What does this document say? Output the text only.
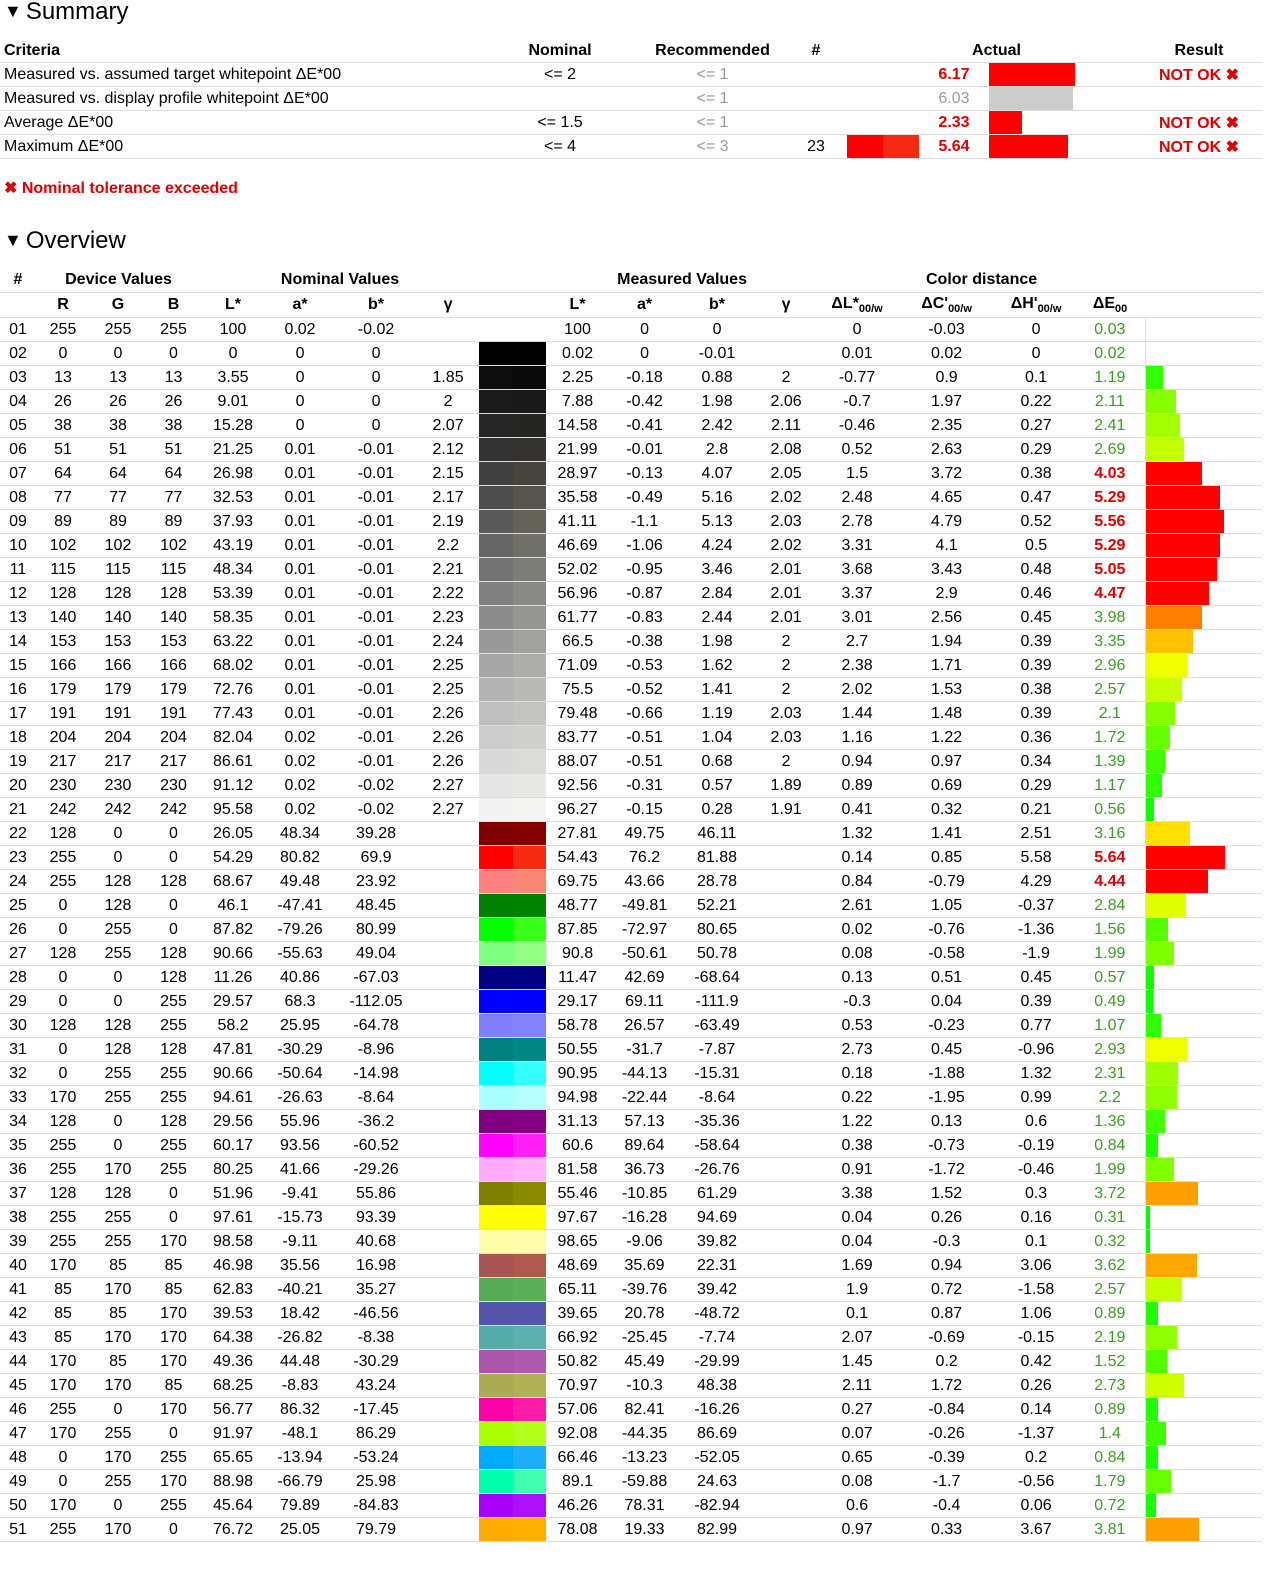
▼ Summary
Criteria	Nominal	Recommended	#		Actual			Result
Measured vs. assumed target whitepoint ΔE*00	<= 2	<= 1			6.17			NOT OK ✖
Measured vs. display profile whitepoint ΔE*00		<= 1			6.03		

Average ΔE*00	<= 1.5	<= 1			2.33			NOT OK ✖
Maximum ΔE*00	<= 4	<= 3	23		5.64			NOT OK ✖
✖ Nominal tolerance exceeded
▼ Overview
#	Device Values			Nominal Values					Measured Values				Color distance				
	R	G	B	L*	a*	b*	γ		L*	a*	b*	γ	$\Delta L*_{00/w}$	$\Delta C'_{00/w}$	$\Delta H'_{00/w}$	$\Delta E_{00}$	
01	255	255	255	100	0.02	-0.02			100	0	0		0	-0.03	0	0.03	
02	0	0	0	0	0	0			0.02	0	-0.01		0.01	0.02	0	0.02	
03	13	13	13	3.55	0	0	1.85		2.25	-0.18	0.88	2	-0.77	0.9	0.1	1.19	

04	26	26	26	9.01	0	0	2		7.88	-0.42	1.98	2.06	-0.7	1.97	0.22	2.11	

05	38	38	38	15.28	0	0	2.07		14.58	-0.41	2.42	2.11	-0.46	2.35	0.27	2.41	

06	51	51	51	21.25	0.01	-0.01	2.12		21.99	-0.01	2.8	2.08	0.52	2.63	0.29	2.69	

07	64	64	64	26.98	0.01	-0.01	2.15		28.97	-0.13	4.07	2.05	1.5	3.72	0.38	4.03	

08	77	77	77	32.53	0.01	-0.01	2.17		35.58	-0.49	5.16	2.02	2.48	4.65	0.47	5.29	

09	89	89	89	37.93	0.01	-0.01	2.19		41.11	-1.1	5.13	2.03	2.78	4.79	0.52	5.56	

10	102	102	102	43.19	0.01	-0.01	2.2		46.69	-1.06	4.24	2.02	3.31	4.1	0.5	5.29	

11	115	115	115	48.34	0.01	-0.01	2.21		52.02	-0.95	3.46	2.01	3.68	3.43	0.48	5.05	

12	128	128	128	53.39	0.01	-0.01	2.22		56.96	-0.87	2.84	2.01	3.37	2.9	0.46	4.47	

13	140	140	140	58.35	0.01	-0.01	2.23		61.77	-0.83	2.44	2.01	3.01	2.56	0.45	3.98	

14	153	153	153	63.22	0.01	-0.01	2.24		66.5	-0.38	1.98	2	2.7	1.94	0.39	3.35	

15	166	166	166	68.02	0.01	-0.01	2.25		71.09	-0.53	1.62	2	2.38	1.71	0.39	2.96	

16	179	179	179	72.76	0.01	-0.01	2.25		75.5	-0.52	1.41	2	2.02	1.53	0.38	2.57	

17	191	191	191	77.43	0.01	-0.01	2.26		79.48	-0.66	1.19	2.03	1.44	1.48	0.39	2.1	

18	204	204	204	82.04	0.02	-0.01	2.26		83.77	-0.51	1.04	2.03	1.16	1.22	0.36	1.72	

19	217	217	217	86.61	0.02	-0.01	2.26		88.07	-0.51	0.68	2	0.94	0.97	0.34	1.39	

20	230	230	230	91.12	0.02	-0.02	2.27		92.56	-0.31	0.57	1.89	0.89	0.69	0.29	1.17	

21	242	242	242	95.58	0.02	-0.02	2.27		96.27	-0.15	0.28	1.91	0.41	0.32	0.21	0.56	

22	128	0	0	26.05	48.34	39.28			27.81	49.75	46.11		1.32	1.41	2.51	3.16	

23	255	0	0	54.29	80.82	69.9			54.43	76.2	81.88		0.14	0.85	5.58	5.64	

24	255	128	128	68.67	49.48	23.92			69.75	43.66	28.78		0.84	-0.79	4.29	4.44	

25	0	128	0	46.1	-47.41	48.45			48.77	-49.81	52.21		2.61	1.05	-0.37	2.84	

26	0	255	0	87.82	-79.26	80.99			87.85	-72.97	80.65		0.02	-0.76	-1.36	1.56	

27	128	255	128	90.66	-55.63	49.04			90.8	-50.61	50.78		0.08	-0.58	-1.9	1.99	

28	0	0	128	11.26	40.86	-67.03			11.47	42.69	-68.64		0.13	0.51	0.45	0.57	

29	0	0	255	29.57	68.3	-112.05			29.17	69.11	-111.9		-0.3	0.04	0.39	0.49	

30	128	128	255	58.2	25.95	-64.78			58.78	26.57	-63.49		0.53	-0.23	0.77	1.07	

31	0	128	128	47.81	-30.29	-8.96			50.55	-31.7	-7.87		2.73	0.45	-0.96	2.93	

32	0	255	255	90.66	-50.64	-14.98			90.95	-44.13	-15.31		0.18	-1.88	1.32	2.31	

33	170	255	255	94.61	-26.63	-8.64			94.98	-22.44	-8.64		0.22	-1.95	0.99	2.2	

34	128	0	128	29.56	55.96	-36.2			31.13	57.13	-35.36		1.22	0.13	0.6	1.36	

35	255	0	255	60.17	93.56	-60.52			60.6	89.64	-58.64		0.38	-0.73	-0.19	0.84	

36	255	170	255	80.25	41.66	-29.26			81.58	36.73	-26.76		0.91	-1.72	-0.46	1.99	

37	128	128	0	51.96	-9.41	55.86			55.46	-10.85	61.29		3.38	1.52	0.3	3.72	

38	255	255	0	97.61	-15.73	93.39			97.67	-16.28	94.69		0.04	0.26	0.16	0.31	

39	255	255	170	98.58	-9.11	40.68			98.65	-9.06	39.82		0.04	-0.3	0.1	0.32	

40	170	85	85	46.98	35.56	16.98			48.69	35.69	22.31		1.69	0.94	3.06	3.62	

41	85	170	85	62.83	-40.21	35.27			65.11	-39.76	39.42		1.9	0.72	-1.58	2.57	

42	85	85	170	39.53	18.42	-46.56			39.65	20.78	-48.72		0.1	0.87	1.06	0.89	

43	85	170	170	64.38	-26.82	-8.38			66.92	-25.45	-7.74		2.07	-0.69	-0.15	2.19	

44	170	85	170	49.36	44.48	-30.29			50.82	45.49	-29.99		1.45	0.2	0.42	1.52	

45	170	170	85	68.25	-8.83	43.24			70.97	-10.3	48.38		2.11	1.72	0.26	2.73	

46	255	0	170	56.77	86.32	-17.45			57.06	82.41	-16.26		0.27	-0.84	0.14	0.89	

47	170	255	0	91.97	-48.1	86.29			92.08	-44.35	86.69		0.07	-0.26	-1.37	1.4	

48	0	170	255	65.65	-13.94	-53.24			66.46	-13.23	-52.05		0.65	-0.39	0.2	0.84	

49	0	255	170	88.98	-66.79	25.98			89.1	-59.88	24.63		0.08	-1.7	-0.56	1.79	

50	170	0	255	45.64	79.89	-84.83			46.26	78.31	-82.94		0.6	-0.4	0.06	0.72	

51	255	170	0	76.72	25.05	79.79			78.08	19.33	82.99		0.97	0.33	3.67	3.81	
